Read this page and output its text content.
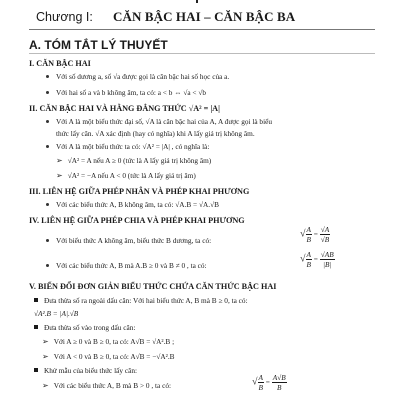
Chương I: CĂN BẬC HAI – CĂN BẬC BA
A. TÓM TẮT LÝ THUYẾT
I. CĂN BẬC HAI
Với số dương a, số √a được gọi là căn bậc hai số học của a.
Với hai số a và b không âm, ta có: a < b ⇔ √a < √b
II. CĂN BẬC HAI VÀ HẰNG ĐẲNG THỨC √A² = |A|
Với A là một biểu thức đại số, √A là căn bậc hai của A, A được gọi là biểu
thức lấy căn. √A xác định (hay có nghĩa) khi A lấy giá trị không âm.
Với A là một biểu thức ta có: √A² = |A| , có nghĩa là:
➢ √A² = A nếu A ≥ 0 (tức là A lấy giá trị không âm)
➢ √A² = −A nếu A < 0 (tức là A lấy giá trị âm)
III. LIÊN HỆ GIỮA PHÉP NHÂN VÀ PHÉP KHAI PHƯƠNG
Với các biểu thức A, B không âm, ta có: √A.B = √A.√B
IV. LIÊN HỆ GIỮA PHÉP CHIA VÀ PHÉP KHAI PHƯƠNG
Với biểu thức A không âm, biểu thức B dương, ta có:
√ $\frac{A}{B} = \frac{√A}{√B}$
Với các biểu thức A, B mà A.B ≥ 0 và B ≠ 0 , ta có:
√ $\frac{A}{B} = \frac{√AB}{|B|}$
V. BIẾN ĐỔI ĐƠN GIẢN BIỂU THỨC CHỨA CĂN THỨC BẬC HAI
Đưa thừa số ra ngoài dấu căn: Với hai biểu thức A, B mà B ≥ 0, ta có:
√A².B = |A|.√B
Đưa thừa số vào trong dấu căn:
➢ Với A ≥ 0 và B ≥ 0, ta có: A√B = √A².B ;
➢ Với A < 0 và B ≥ 0, ta có: A√B = −√A².B
Khử mẫu của biểu thức lấy căn:
➢ Với các biểu thức A, B mà B > 0 , ta có:	√ $\frac{A}{B} = \frac{A√B}{B}$
